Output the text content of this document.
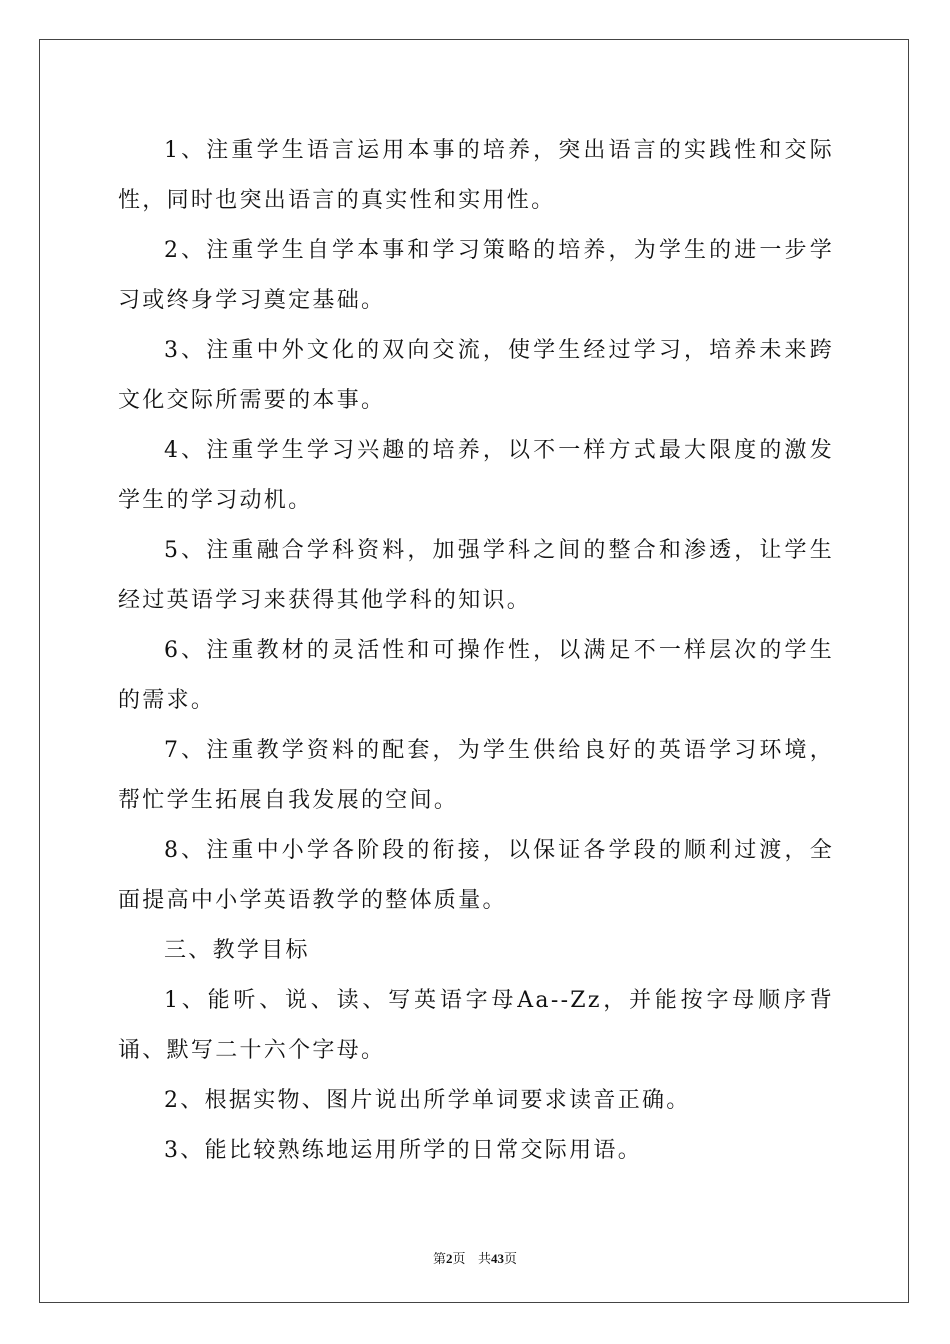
1、注重学生语言运用本事的培养，突出语言的实践性和交际性，同时也突出语言的真实性和实用性。

2、注重学生自学本事和学习策略的培养，为学生的进一步学习或终身学习奠定基础。

3、注重中外文化的双向交流，使学生经过学习，培养未来跨文化交际所需要的本事。

4、注重学生学习兴趣的培养，以不一样方式最大限度的激发学生的学习动机。

5、注重融合学科资料，加强学科之间的整合和渗透，让学生经过英语学习来获得其他学科的知识。

6、注重教材的灵活性和可操作性，以满足不一样层次的学生的需求。

7、注重教学资料的配套，为学生供给良好的英语学习环境，帮忙学生拓展自我发展的空间。

8、注重中小学各阶段的衔接，以保证各学段的顺利过渡，全面提高中小学英语教学的整体质量。

三、教学目标

1、能听、说、读、写英语字母Aa--Zz，并能按字母顺序背诵、默写二十六个字母。

2、根据实物、图片说出所学单词要求读音正确。

3、能比较熟练地运用所学的日常交际用语。

第2页 共43页
